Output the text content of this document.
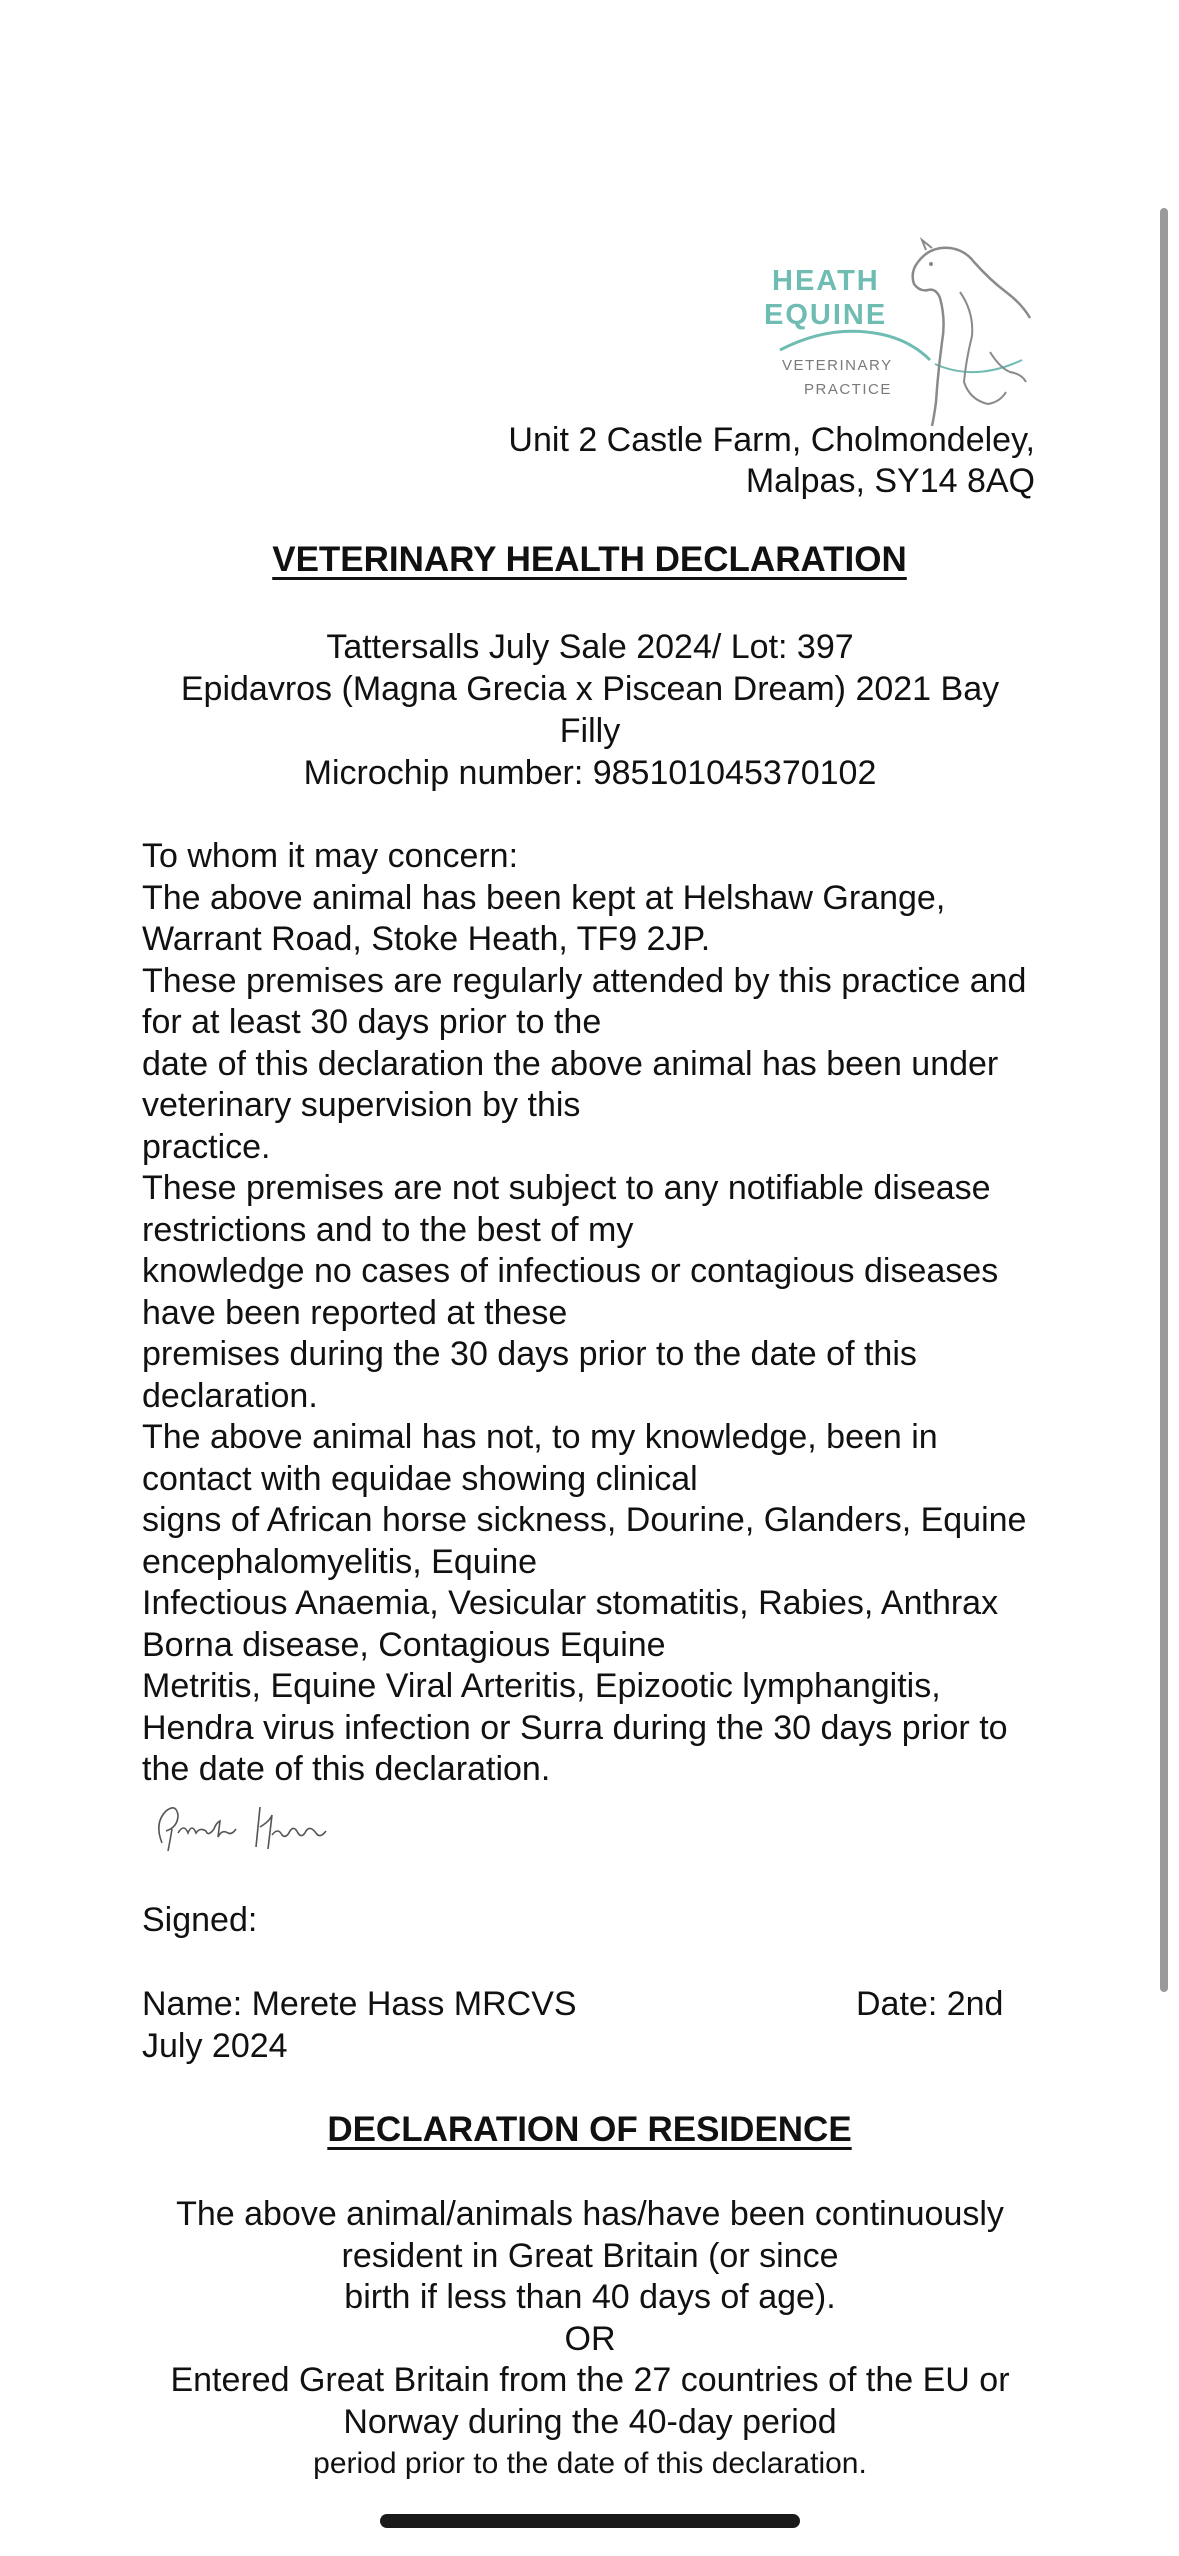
HEATH
EQUINE
VETERINARY
PRACTICE
Unit 2 Castle Farm, Cholmondeley,
Malpas, SY14 8AQ
VETERINARY HEALTH DECLARATION
Tattersalls July Sale 2024/ Lot: 397
Epidavros (Magna Grecia x Piscean Dream) 2021 Bay
Filly
Microchip number: 985101045370102

To whom it may concern:

The above animal has been kept at Helshaw Grange, Warrant Road, Stoke Heath, TF9 2JP.

These premises are regularly attended by this practice and for at least 30 days prior to the

date of this declaration the above animal has been under veterinary supervision by this

practice.

These premises are not subject to any notifiable disease restrictions and to the best of my

knowledge no cases of infectious or contagious diseases have been reported at these

premises during the 30 days prior to the date of this declaration.

The above animal has not, to my knowledge, been in contact with equidae showing clinical

signs of African horse sickness, Dourine, Glanders, Equine encephalomyelitis, Equine

Infectious Anaemia, Vesicular stomatitis, Rabies, Anthrax Borna disease, Contagious Equine

Metritis, Equine Viral Arteritis, Epizootic lymphangitis, Hendra virus infection or Surra during the 30 days prior to the date of this declaration.

Signed:
Name: Merete Hass MRCVS	Date: 2nd
July 2024
DECLARATION OF RESIDENCE
The above animal/animals has/have been continuously
resident in Great Britain (or since
birth if less than 40 days of age).
OR
Entered Great Britain from the 27 countries of the EU or
Norway during the 40-day period
period prior to the date of this declaration.
